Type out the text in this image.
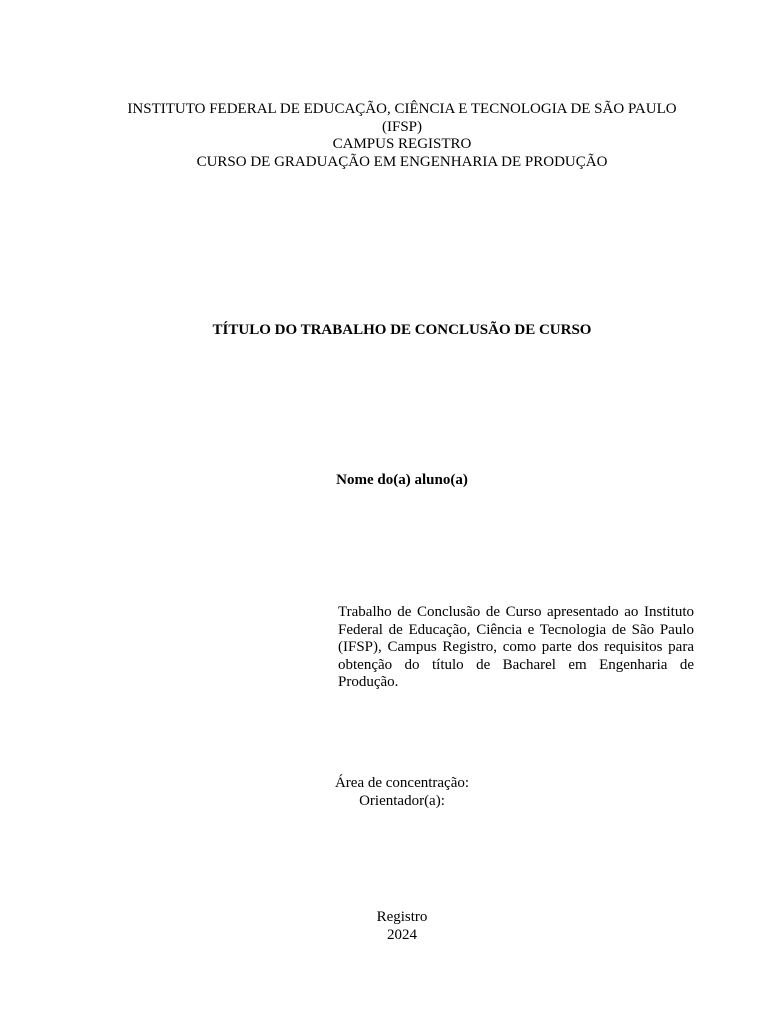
INSTITUTO FEDERAL DE EDUCAÇÃO, CIÊNCIA E TECNOLOGIA DE SÃO PAULO
(IFSP)
CAMPUS REGISTRO
CURSO DE GRADUAÇÃO EM ENGENHARIA DE PRODUÇÃO
TÍTULO DO TRABALHO DE CONCLUSÃO DE CURSO
Nome do(a) aluno(a)
Trabalho de Conclusão de Curso apresentado ao Instituto Federal de Educação, Ciência e Tecnologia de São Paulo (IFSP), Campus Registro, como parte dos requisitos para obtenção do título de Bacharel em Engenharia de Produção.
Área de concentração:
Orientador(a):
Registro
2024
